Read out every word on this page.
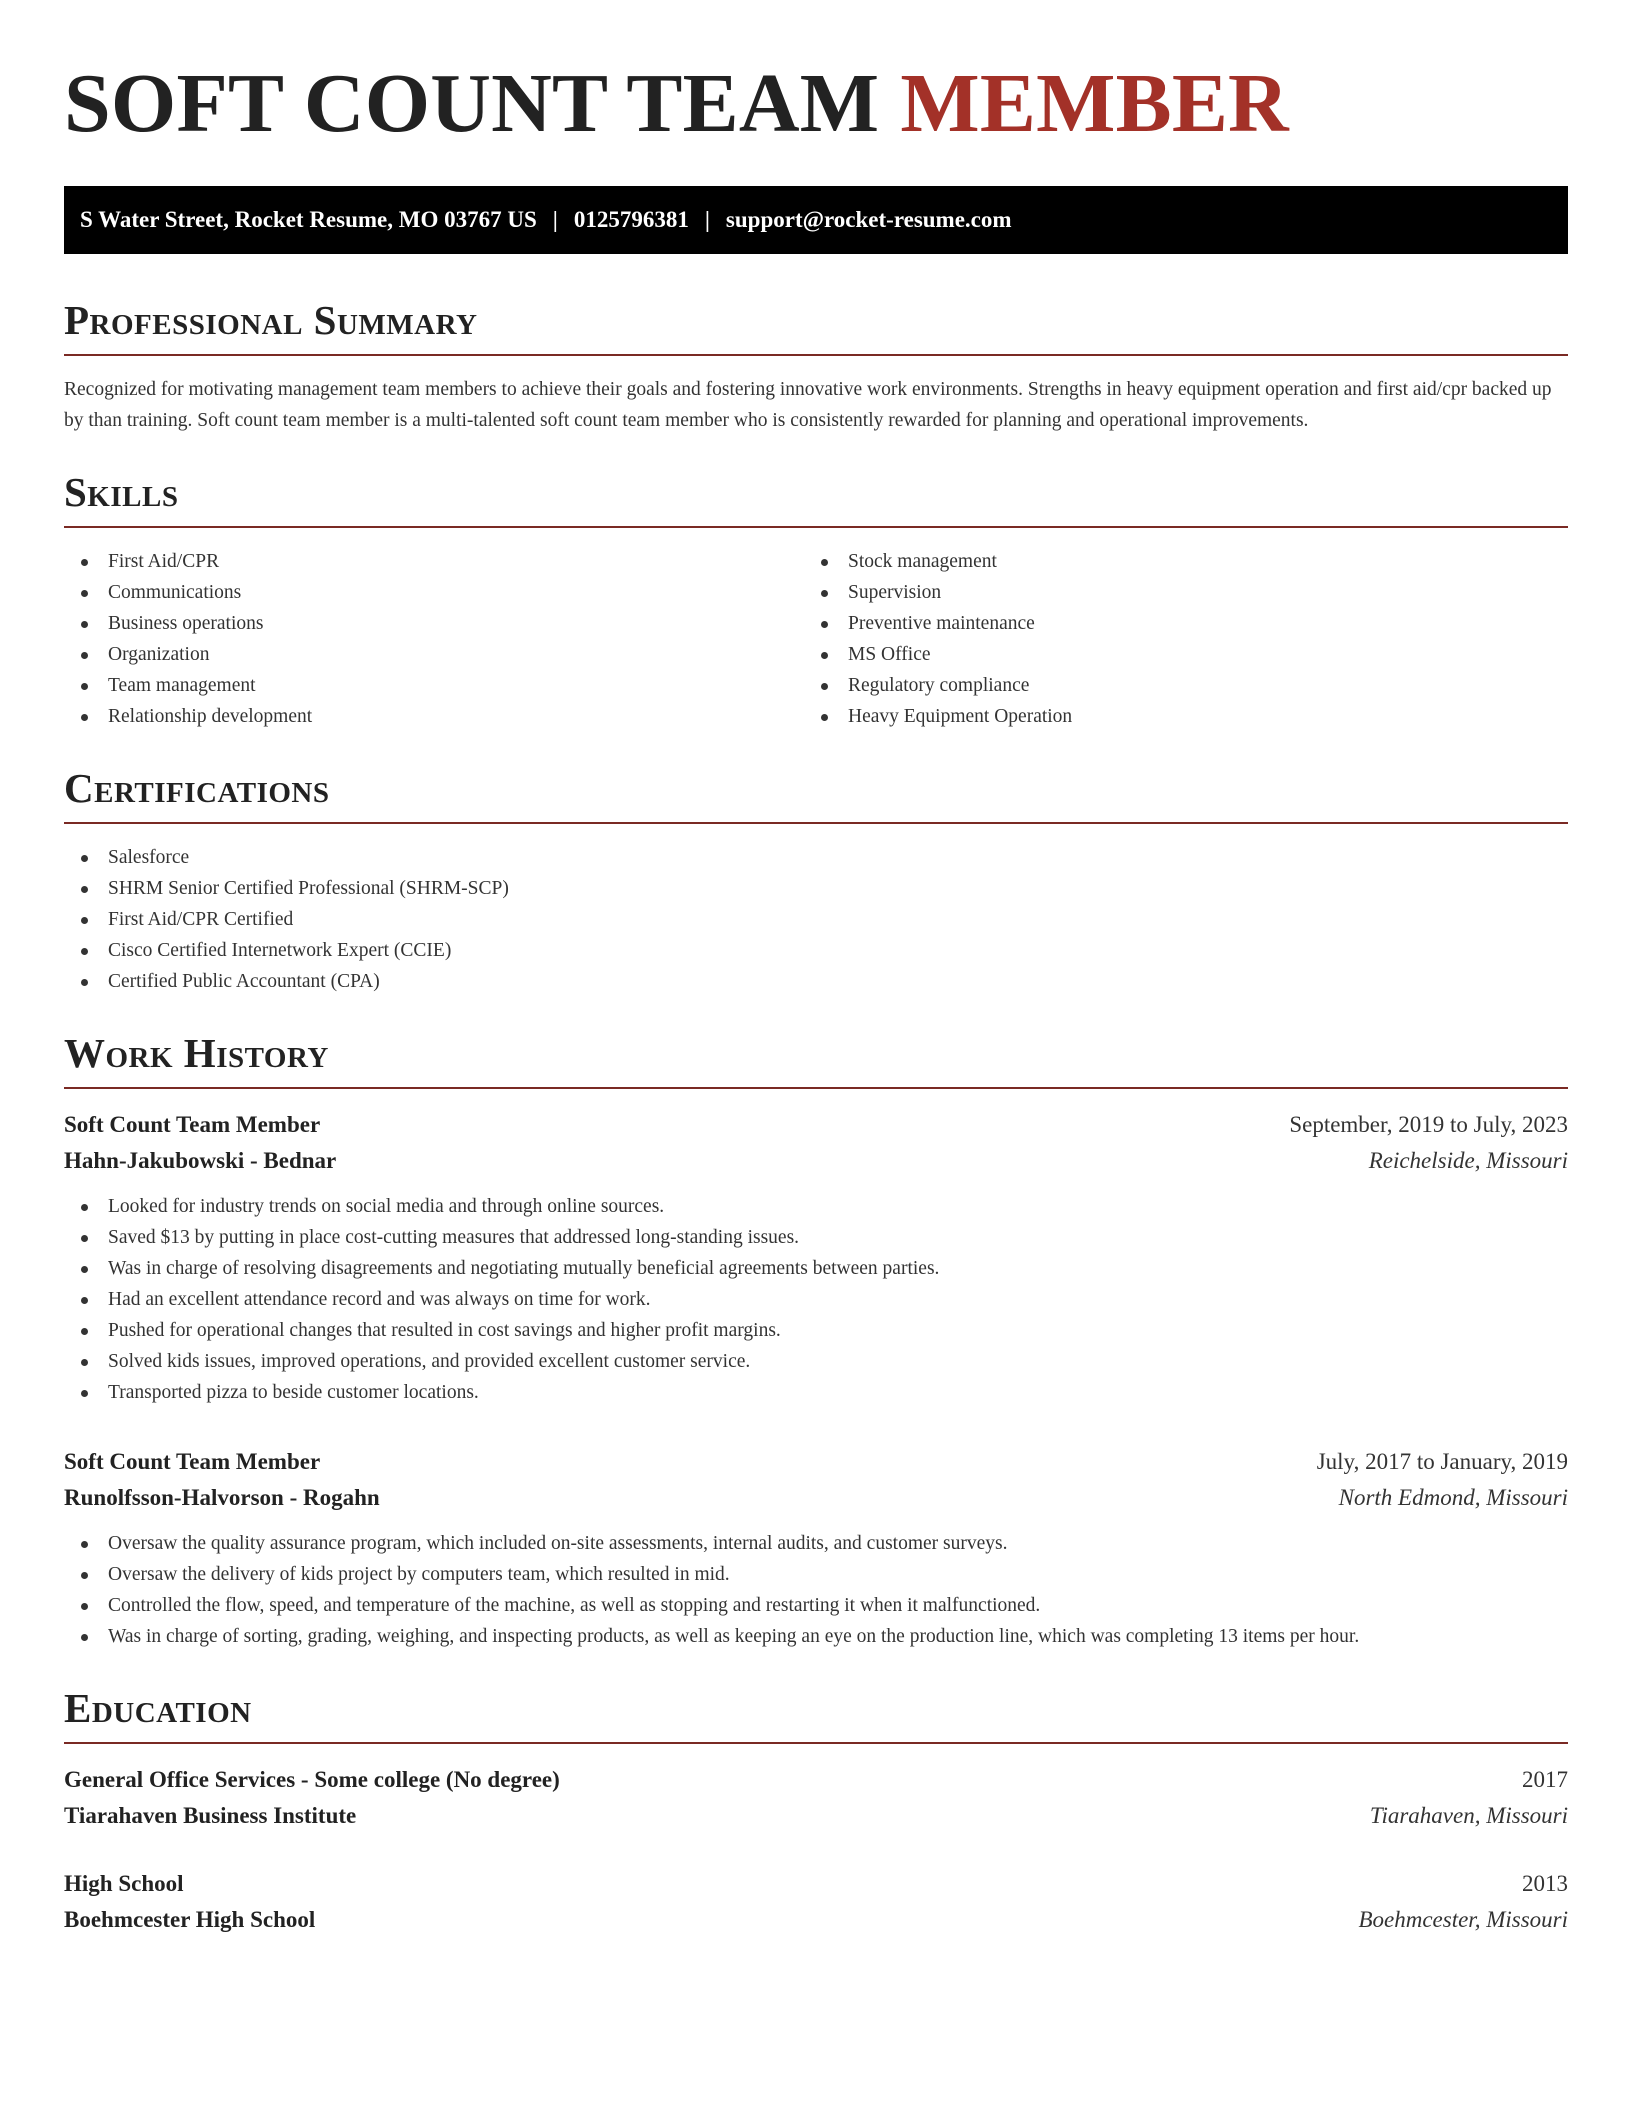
SOFT COUNT TEAM MEMBER
S Water Street, Rocket Resume, MO 03767 US | 0125796381 | support@rocket-resume.com
Professional Summary

Recognized for motivating management team members to achieve their goals and fostering innovative work environments. Strengths in heavy equipment operation and first aid/cpr backed up by than training. Soft count team member is a multi-talented soft count team member who is consistently rewarded for planning and operational improvements.

Skills
First Aid/CPR
Communications
Business operations
Organization
Team management
Relationship development
Stock management
Supervision
Preventive maintenance
MS Office
Regulatory compliance
Heavy Equipment Operation
Certifications
Salesforce
SHRM Senior Certified Professional (SHRM-SCP)
First Aid/CPR Certified
Cisco Certified Internetwork Expert (CCIE)
Certified Public Accountant (CPA)
Work History
Soft Count Team Member	September, 2019 to July, 2023
Hahn-Jakubowski - Bednar	Reichelside, Missouri
Looked for industry trends on social media and through online sources.
Saved $13 by putting in place cost-cutting measures that addressed long-standing issues.
Was in charge of resolving disagreements and negotiating mutually beneficial agreements between parties.
Had an excellent attendance record and was always on time for work.
Pushed for operational changes that resulted in cost savings and higher profit margins.
Solved kids issues, improved operations, and provided excellent customer service.
Transported pizza to beside customer locations.
Soft Count Team Member	July, 2017 to January, 2019
Runolfsson-Halvorson - Rogahn	North Edmond, Missouri
Oversaw the quality assurance program, which included on-site assessments, internal audits, and customer surveys.
Oversaw the delivery of kids project by computers team, which resulted in mid.
Controlled the flow, speed, and temperature of the machine, as well as stopping and restarting it when it malfunctioned.
Was in charge of sorting, grading, weighing, and inspecting products, as well as keeping an eye on the production line, which was completing 13 items per hour.
Education
General Office Services - Some college (No degree)	2017
Tiarahaven Business Institute	Tiarahaven, Missouri
High School	2013
Boehmcester High School	Boehmcester, Missouri
